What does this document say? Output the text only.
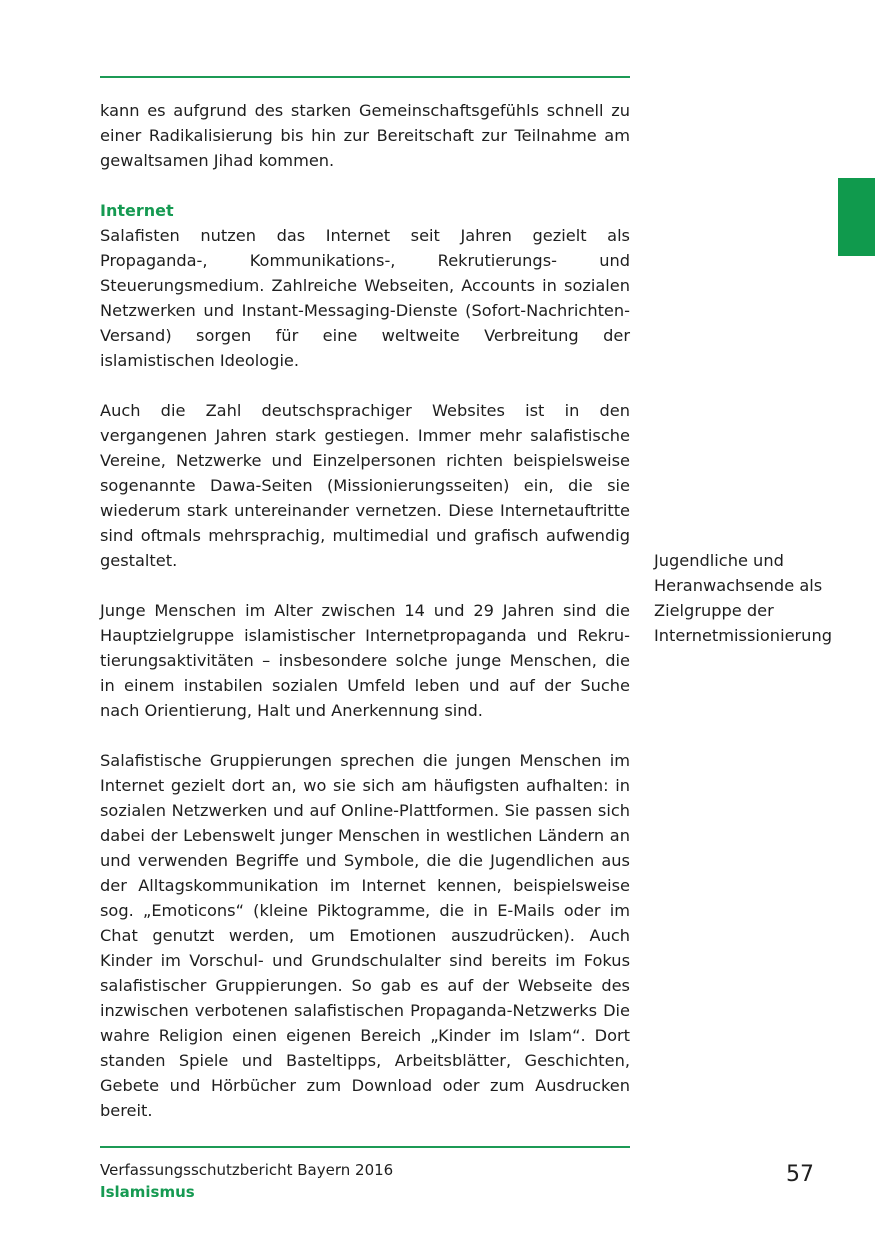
kann es aufgrund des starken Gemeinschaftsgefühls schnell zu einer Radikalisierung bis hin zur Bereitschaft zur Teilnahme am gewaltsamen Jihad kommen.

Internet

Salafisten nutzen das Internet seit Jahren gezielt als Propaganda-, Kommunikations-, Rekrutierungs- und Steuerungsmedium. Zahlreiche Webseiten, Accounts in sozialen Netzwerken und Instant-Messaging-Dienste (Sofort-Nachrichten-Versand) sorgen für eine weltweite Verbreitung der islamistischen Ideologie.

Auch die Zahl deutschsprachiger Websites ist in den vergangenen Jahren stark gestiegen. Immer mehr salafistische Vereine, Netzwerke und Einzelpersonen richten beispielsweise sogenannte Dawa-Seiten (Missionierungsseiten) ein, die sie wiederum stark untereinander vernetzen. Diese Internetauftritte sind oftmals mehrsprachig, multimedial und grafisch aufwendig gestaltet.

Junge Menschen im Alter zwischen 14 und 29 Jahren sind die Hauptzielgruppe islamistischer Internetpropaganda und Rekrutierungsaktivitäten – insbesondere solche junge Menschen, die in einem instabilen sozialen Umfeld leben und auf der Suche nach Orientierung, Halt und Anerkennung sind.

Salafistische Gruppierungen sprechen die jungen Menschen im Internet gezielt dort an, wo sie sich am häufigsten aufhalten: in sozialen Netzwerken und auf Online-Plattformen. Sie passen sich dabei der Lebenswelt junger Menschen in westlichen Ländern an und verwenden Begriffe und Symbole, die die Jugendlichen aus der Alltagskommunikation im Internet kennen, beispielsweise sog. „Emoticons“ (kleine Piktogramme, die in E-Mails oder im Chat genutzt werden, um Emotionen auszudrücken). Auch Kinder im Vorschul- und Grundschulalter sind bereits im Fokus salafistischer Gruppierungen. So gab es auf der Webseite des inzwischen verbotenen salafistischen Propaganda-Netzwerks Die wahre Religion einen eigenen Bereich „Kinder im Islam“. Dort standen Spiele und Basteltipps, Arbeitsblätter, Geschichten, Gebete und Hörbücher zum Download oder zum Ausdrucken bereit.

Jugendliche und Heranwachsende als Zielgruppe der Internetmissionierung
Verfassungsschutzbericht Bayern 2016
Islamismus
57
